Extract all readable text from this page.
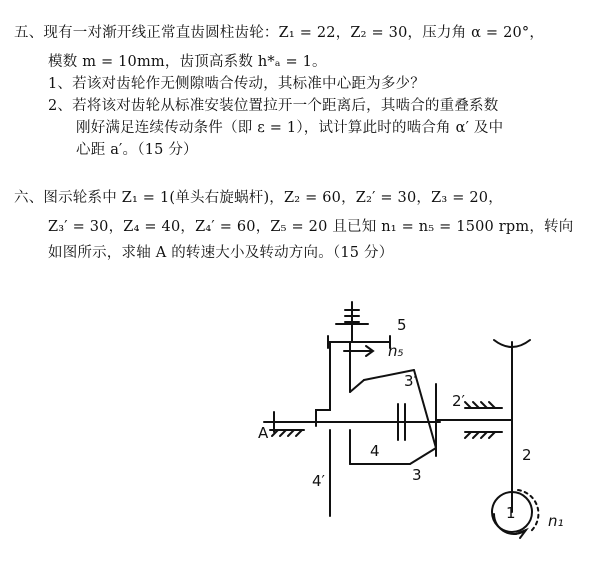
五、现有一对渐开线正常直齿圆柱齿轮：Z₁ = 22，Z₂ = 30，压力角 α = 20°，
模数 m = 10mm，齿顶高系数 h*ₐ = 1。
1、若该对齿轮作无侧隙啮合传动，其标准中心距为多少？
2、若将该对齿轮从标准安装位置拉开一个距离后，其啮合的重叠系数
刚好满足连续传动条件（即 ε = 1），试计算此时的啮合角 α′ 及中
心距 a′。（15 分）
六、图示轮系中 Z₁ = 1(单头右旋蜗杆)，Z₂ = 60，Z₂′ = 30，Z₃ = 20，
Z₃′ = 30，Z₄ = 40，Z₄′ = 60，Z₅ = 20 且已知 n₁ = n₅ = 1500 rpm，转向
如图所示，求轴 A 的转速大小及转动方向。（15 分）
5
n₅
3′
2′
A
4
4′	3
2
1 n₁
